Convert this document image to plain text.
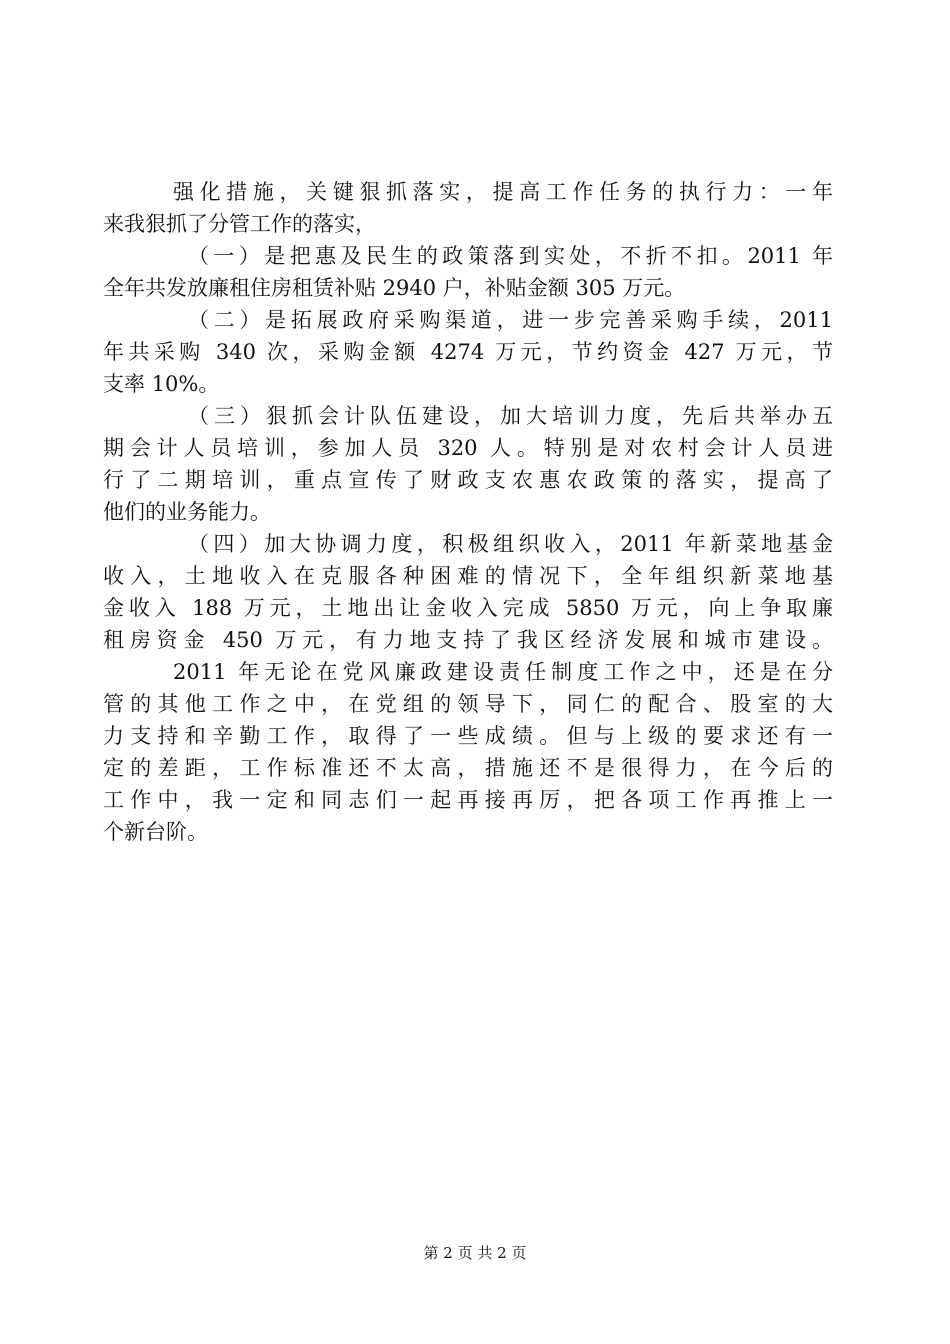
强化措施，关键狠抓落实，提高工作任务的执行力：一年
来我狠抓了分管工作的落实，
（一）是把惠及民生的政策落到实处，不折不扣。2011 年
全年共发放廉租住房租赁补贴 2940 户，补贴金额 305 万元。
（二）是拓展政府采购渠道，进一步完善采购手续，2011
年共采购 340 次，采购金额 4274 万元，节约资金 427 万元，节
支率 10%。
（三）狠抓会计队伍建设，加大培训力度，先后共举办五
期会计人员培训，参加人员 320 人。特别是对农村会计人员进
行了二期培训，重点宣传了财政支农惠农政策的落实，提高了
他们的业务能力。
（四）加大协调力度，积极组织收入，2011 年新菜地基金
收入，土地收入在克服各种困难的情况下，全年组织新菜地基
金收入 188 万元，土地出让金收入完成 5850 万元，向上争取廉
租房资金 450 万元，有力地支持了我区经济发展和城市建设。
2011 年无论在党风廉政建设责任制度工作之中，还是在分
管的其他工作之中，在党组的领导下，同仁的配合、股室的大
力支持和辛勤工作，取得了一些成绩。但与上级的要求还有一
定的差距，工作标准还不太高，措施还不是很得力，在今后的
工作中，我一定和同志们一起再接再厉，把各项工作再推上一
个新台阶。
第 2 页 共 2 页
